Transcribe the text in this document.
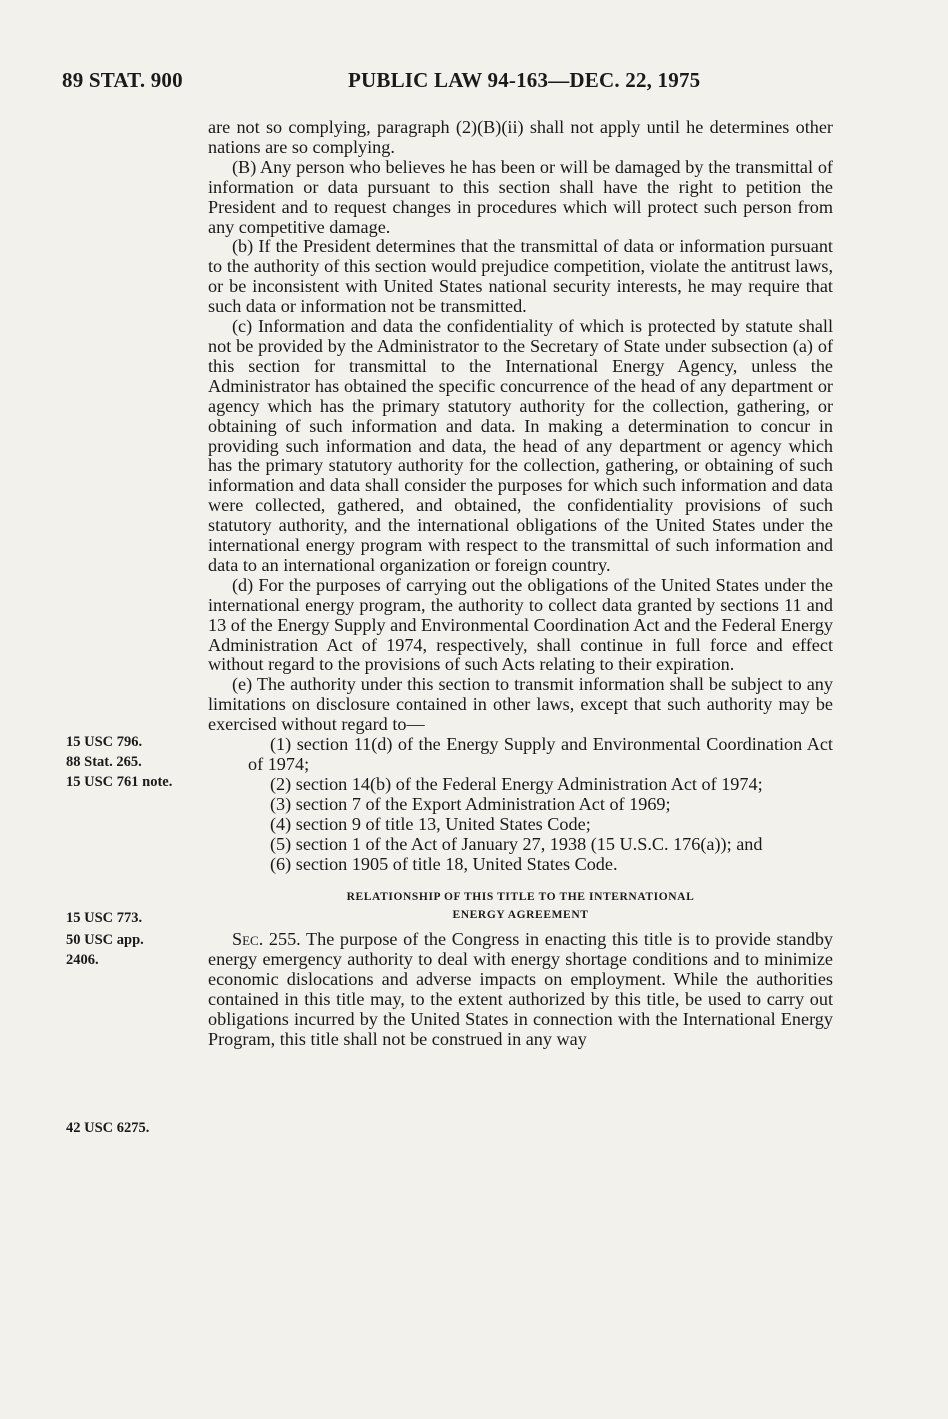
89 STAT. 900	PUBLIC LAW 94-163—DEC. 22, 1975
15 USC 796.
88 Stat. 265.
15 USC 761 note.
15 USC 773.
50 USC app.
2406.
42 USC 6275.

are not so complying, paragraph (2)(B)(ii) shall not apply until he determines other nations are so complying.

(B) Any person who believes he has been or will be damaged by the transmittal of information or data pursuant to this section shall have the right to petition the President and to request changes in procedures which will protect such person from any competitive damage.

(b) If the President determines that the transmittal of data or information pursuant to the authority of this section would prejudice competition, violate the antitrust laws, or be inconsistent with United States national security interests, he may require that such data or information not be transmitted.

(c) Information and data the confidentiality of which is protected by statute shall not be provided by the Administrator to the Secretary of State under subsection (a) of this section for transmittal to the International Energy Agency, unless the Administrator has obtained the specific concurrence of the head of any department or agency which has the primary statutory authority for the collection, gathering, or obtaining of such information and data. In making a determination to concur in providing such information and data, the head of any department or agency which has the primary statutory authority for the collection, gathering, or obtaining of such information and data shall consider the purposes for which such information and data were collected, gathered, and obtained, the confidentiality provisions of such statutory authority, and the international obligations of the United States under the international energy program with respect to the transmittal of such information and data to an international organization or foreign country.

(d) For the purposes of carrying out the obligations of the United States under the international energy program, the authority to collect data granted by sections 11 and 13 of the Energy Supply and Environmental Coordination Act and the Federal Energy Administration Act of 1974, respectively, shall continue in full force and effect without regard to the provisions of such Acts relating to their expiration.

(e) The authority under this section to transmit information shall be subject to any limitations on disclosure contained in other laws, except that such authority may be exercised without regard to—

(1) section 11(d) of the Energy Supply and Environmental Coordination Act of 1974;

(2) section 14(b) of the Federal Energy Administration Act of 1974;

(3) section 7 of the Export Administration Act of 1969;

(4) section 9 of title 13, United States Code;

(5) section 1 of the Act of January 27, 1938 (15 U.S.C. 176(a)); and

(6) section 1905 of title 18, United States Code.

RELATIONSHIP OF THIS TITLE TO THE INTERNATIONAL
ENERGY AGREEMENT

Sec. 255. The purpose of the Congress in enacting this title is to provide standby energy emergency authority to deal with energy shortage conditions and to minimize economic dislocations and adverse impacts on employment. While the authorities contained in this title may, to the extent authorized by this title, be used to carry out obligations incurred by the United States in connection with the International Energy Program, this title shall not be construed in any way
